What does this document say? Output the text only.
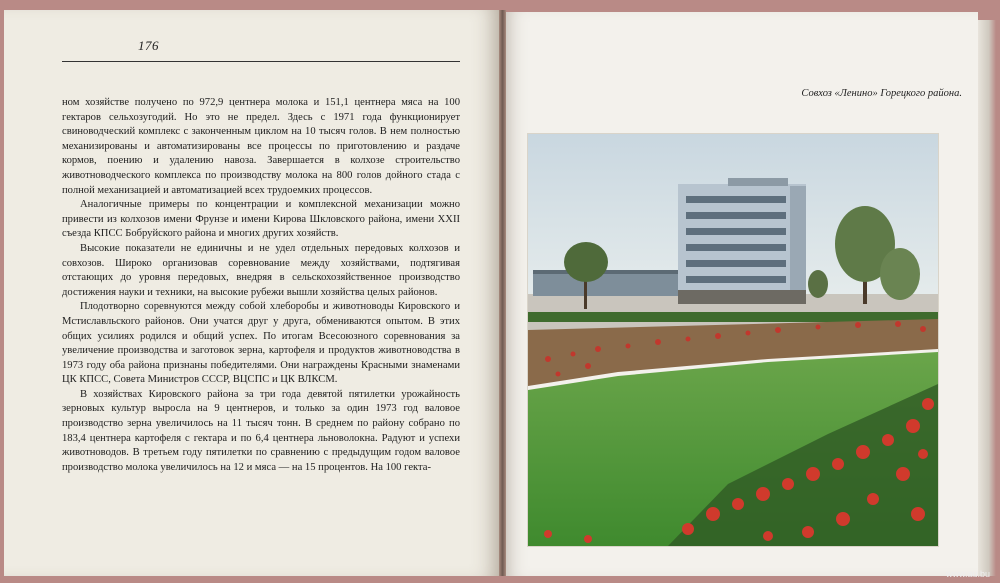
176

ном хозяйстве получено по 972,9 центнера молока и 151,1 центнера мяса на 100 гектаров сельхозугодий. Но это не предел. Здесь с 1971 года функционирует свиноводческий комплекс с законченным циклом на 10 тысяч голов. В нем полностью механизированы и автоматизированы все процессы по приготовлению и раздаче кормов, поению и удалению навоза. Завершается в колхозе строительство животноводческого комплекса по производству молока на 800 голов дойного стада с полной механизацией и автоматизацией всех трудоемких процессов.

Аналогичные примеры по концентрации и комплексной механизации можно привести из колхозов имени Фрунзе и имени Кирова Шкловского района, имени XXII съезда КПСС Бобруйского района и многих других хозяйств.

Высокие показатели не единичны и не удел отдельных передовых колхозов и совхозов. Широко организовав соревнование между хозяйствами, подтягивая отстающих до уровня передовых, внедряя в сельскохозяйственное производство достижения науки и техники, на высокие рубежи вышли хозяйства целых районов.

Плодотворно соревнуются между собой хлеборобы и животноводы Кировского и Мстиславльского районов. Они учатся друг у друга, обмениваются опытом. В этих общих усилиях родился и общий успех. По итогам Всесоюзного соревнования за увеличение производства и заготовок зерна, картофеля и продуктов животноводства в 1973 году оба района признаны победителями. Они награждены Красными знаменами ЦК КПСС, Совета Министров СССР, ВЦСПС и ЦК ВЛКСМ.

В хозяйствах Кировского района за три года девятой пятилетки урожайность зерновых культур выросла на 9 центнеров, и только за один 1973 год валовое производство зерна увеличилось на 11 тысяч тонн. В среднем по району собрано по 183,4 центнера картофеля с гектара и по 6,4 центнера льноволокна. Радуют и успехи животноводов. В третьем году пятилетки по сравнению с предыдущим годом валовое производство молока увеличилось на 12 и мяса — на 15 процентов. На 100 гекта-

Совхоз «Ленино» Горецкого района.
www.au.bu
